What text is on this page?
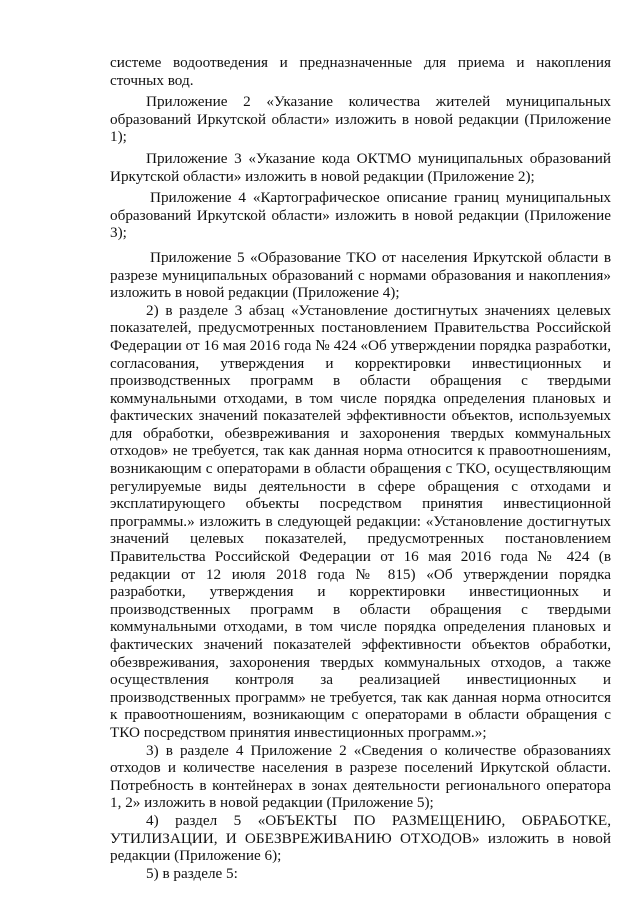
системе водоотведения и предназначенные для приема и накопления сточных вод.

Приложение 2 «Указание количества жителей муниципальных образований Иркутской области» изложить в новой редакции (Приложение 1);

Приложение 3 «Указание кода ОКТМО муниципальных образований Иркутской области» изложить в новой редакции (Приложение 2);

Приложение 4 «Картографическое описание границ муниципальных образований Иркутской области» изложить в новой редакции (Приложение 3);

Приложение 5 «Образование ТКО от населения Иркутской области в разрезе муниципальных образований с нормами образования и накопления» изложить в новой редакции (Приложение 4);

2) в разделе 3 абзац «Установление достигнутых значениях целевых показателей, предусмотренных постановлением Правительства Российской Федерации от 16 мая 2016 года № 424 «Об утверждении порядка разработки, согласования, утверждения и корректировки инвестиционных и производственных программ в области обращения с твердыми коммунальными отходами, в том числе порядка определения плановых и фактических значений показателей эффективности объектов, используемых для обработки, обезвреживания и захоронения твердых коммунальных отходов» не требуется, так как данная норма относится к правоотношениям, возникающим с операторами в области обращения с ТКО, осуществляющим регулируемые виды деятельности в сфере обращения с отходами и эксплатирующего объекты посредством принятия инвестиционной программы.» изложить в следующей редакции: «Установление достигнутых значений целевых показателей, предусмотренных постановлением Правительства Российской Федерации от 16 мая 2016 года № 424 (в редакции от 12 июля 2018 года № 815) «Об утверждении порядка разработки, утверждения и корректировки инвестиционных и производственных программ в области обращения с твердыми коммунальными отходами, в том числе порядка определения плановых и фактических значений показателей эффективности объектов обработки, обезвреживания, захоронения твердых коммунальных отходов, а также осуществления контроля за реализацией инвестиционных и производственных программ» не требуется, так как данная норма относится к правоотношениям, возникающим с операторами в области обращения с ТКО посредством принятия инвестиционных программ.»;

3) в разделе 4 Приложение 2 «Сведения о количестве образованиях отходов и количестве населения в разрезе поселений Иркутской области. Потребность в контейнерах в зонах деятельности регионального оператора 1, 2» изложить в новой редакции (Приложение 5);

4) раздел 5 «ОБЪЕКТЫ ПО РАЗМЕЩЕНИЮ, ОБРАБОТКЕ, УТИЛИЗАЦИИ, И ОБЕЗВРЕЖИВАНИЮ ОТХОДОВ» изложить в новой редакции (Приложение 6);

5) в разделе 5:
